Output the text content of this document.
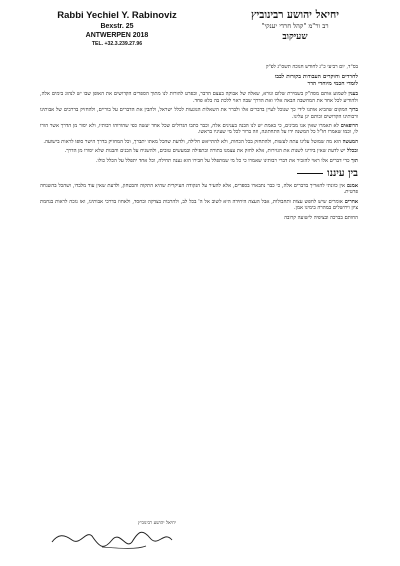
Rabbi Yechiel Y. Rabinoviz

Bexstr. 25

ANTWERPEN 2018

TEL. +32.3.239.27.96

יחיאל יהושע רבינוביץ

רב ור"מ "קהל חרדי יענקי"

שעיקוב

בס"ד, יום רביעי כ"ג לחודש חנוכה תשס"ג לפ"ק

לחרדים וחוקרים העבודות בקורות לבבו

לומדי חכמי מיוחדי הדר

בענין לשמוע אותם מסה"ק בשמירת שלום ונורא, שאלה של אבוקה בעצם הדבר, ובפרט להורות לנו מתוך הספרים הקדושים את האופן שבו יש לנהוג בימים אלה, ולהודיע לכל אחד את המחשבה הבאה אליו ואת הדרך שבה ראוי ללכת בה בלא פחד.

ברוך המקום שהביא אותנו לידי כך שנוכל לעיין בדברים אלו ולברר את השאלות הנוגעות לכלל ישראל, ולהבין את הדברים על בוריים, ולהחזיק בדרכים של אבותינו ורבותינו הקדושים זכותם יגן עלינו.

הרופאים לא תאמרו שאין אנו מבינים, כי באמת יש לנו הבנה בענינים אלה, וכבר כתבו הגדולים שכל אחד יעשה כפי שהורוהו רבותיו, ולא יסור מן הדרך אשר הורו לו, וכמו שאמרו חז"ל כל המשנה ידו על התחתונה, וזה ברור לכל מי שעיניו בראשו.

המעשה הוא מה שמוטל עלינו עתה לעשות, ולהתחזק בכל הכחות, ולא להתייאש חלילה, ולדעת שהכל מאתו יתברך, וכל המחזיק בדרך הישר סופו לראות בישועה.

ובכלל יש לדעת שאין בידינו לשנות את הגזירות, אלא לחזק את עצמנו בתורה ובתפילה ובמעשים טובים, ולהשגיח על הבנים והבנות שלא יסורו מן הדרך.

תוך כדי דברים אלו ראוי להזכיר את דברי רבותינו שאמרו כי כל מי שמתפלל על חבירו הוא נענה תחילה, וכל אחד יתפלל על הכלל כולו.

בין עיננו

אמנם אין כוונתי להאריך בדברים אלה, כי כבר נתבארו בספרים, אלא להעיר על הנקודה העיקרית שהיא התקוה והבטחון, ולדעת שאין עוד מלבדו, ושהכל בהשגחה פרטית.

אחרים אומרים שיש לחפש עצות ותחבולות, אבל העצה היחידה היא לשוב אל ה' בכל לב, ולהרבות בצדקה ובחסד, ולאחוז בדרכי אבותינו, ואז נזכה לראות בנחמת ציון וירושלים במהרה בימינו אמן.

החותם בברכה ובציפיה לישועה קרובה

יחיאל יהושע רבינוביץ
